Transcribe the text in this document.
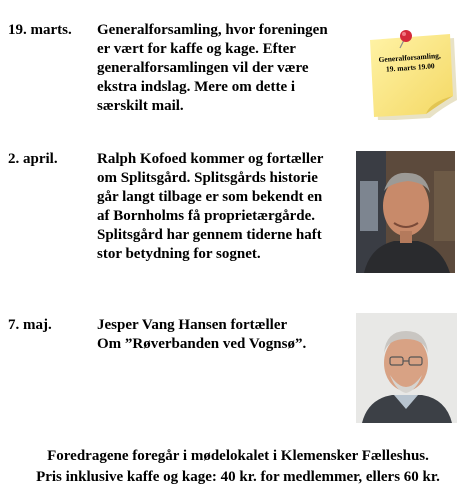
19. marts. Generalforsamling, hvor foreningen
er vært for kaffe og kage. Efter
generalforsamlingen vil der være
ekstra indslag. Mere om dette i
særskilt mail.
Generalforsamling,
19. marts 19.00
2. april.	Ralph Kofoed kommer og fortæller
om Splitsgård. Splitsgårds historie
går langt tilbage er som bekendt en
af Bornholms få proprietærgårde.
Splitsgård har gennem tiderne haft
stor betydning for sognet.
7. maj.	Jesper Vang Hansen fortæller
Om ”Røverbanden ved Vognsø”.
Foredragene foregår i mødelokalet i Klemensker Fælleshus.
Pris inklusive kaffe og kage: 40 kr. for medlemmer, ellers 60 kr.
